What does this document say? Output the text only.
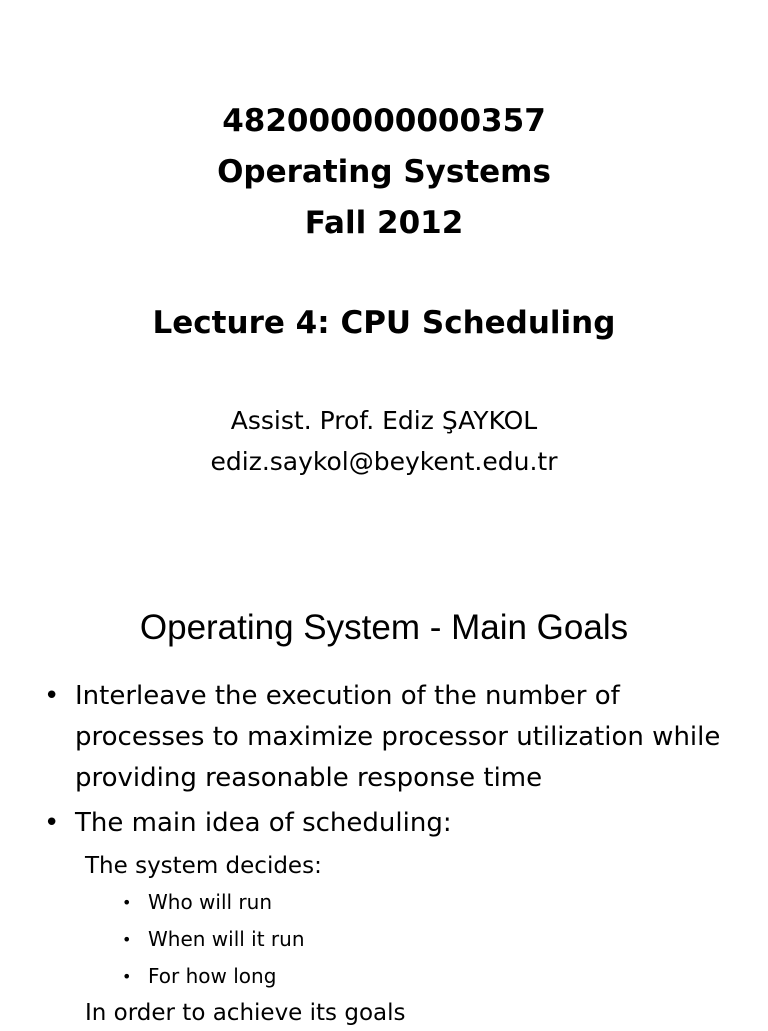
482000000000357
Operating Systems
Fall 2012
Lecture 4: CPU Scheduling
Assist. Prof. Ediz ŞAYKOL
ediz.saykol@beykent.edu.tr
Operating System - Main Goals
• Interleave the execution of the number of processes to maximize processor utilization while providing reasonable response time
• The main idea of scheduling:
The system decides:
• Who will run
• When will it run
• For how long
In order to achieve its goals
